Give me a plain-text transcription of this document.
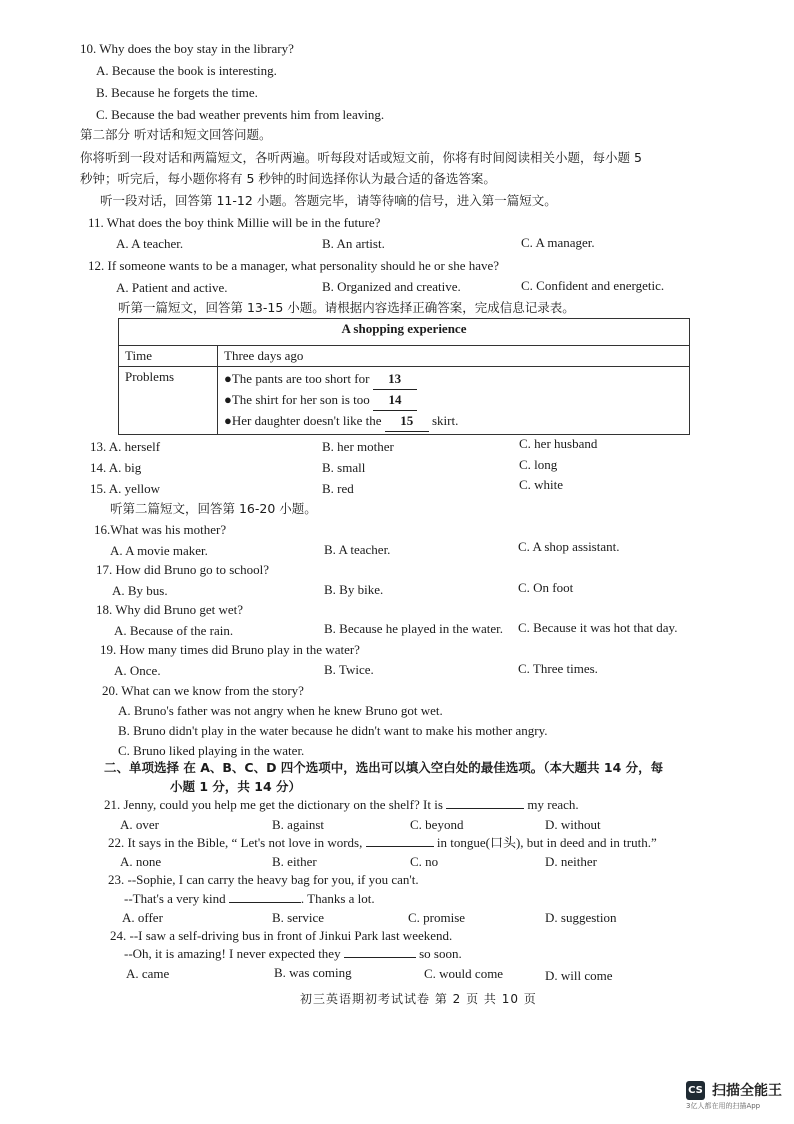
10. Why does the boy stay in the library?
A. Because the book is interesting.
B. Because he forgets the time.
C. Because the bad weather prevents him from leaving.
第二部分 听对话和短文回答问题。
你将听到一段对话和两篇短文，各听两遍。听每段对话或短文前，你将有时间阅读相关小题，每小题 5
秒钟；听完后，每小题你将有 5 秒钟的时间选择你认为最合适的备选答案。
听一段对话，回答第 11-12 小题。答题完毕，请等待嘀的信号，进入第一篇短文。
11. What does the boy think Millie will be in the future?
A. A teacher.	B. An artist.	C. A manager.
12. If someone wants to be a manager, what personality should he or she have?
A. Patient and active.	B. Organized and creative.	C. Confident and energetic.
听第一篇短文，回答第 13-15 小题。请根据内容选择正确答案，完成信息记录表。
A shopping experience	
Time	Three days ago
Problems	●The pants are too short for 13
●The shirt for her son is too 14
●Her daughter doesn't like the 15 skirt.
13. A. herself	B. her mother	C. her husband
14. A. big	B. small	C. long
15. A. yellow	B. red	C. white
听第二篇短文，回答第 16-20 小题。
16.What was his mother?
A. A movie maker.	B. A teacher.	C. A shop assistant.
17. How did Bruno go to school?
A. By bus.	B. By bike.	C. On foot
18. Why did Bruno get wet?
A. Because of the rain.	B. Because he played in the water. C. Because it was hot that day.
19. How many times did Bruno play in the water?
A. Once.	B. Twice.	C. Three times.
20. What can we know from the story?
A. Bruno's father was not angry when he knew Bruno got wet.
B. Bruno didn't play in the water because he didn't want to make his mother angry.
C. Bruno liked playing in the water.
二、单项选择 在 A、B、C、D 四个选项中，选出可以填入空白处的最佳选项。（本大题共 14 分，每
小题 1 分，共 14 分）
21. Jenny, could you help me get the dictionary on the shelf? It is	my reach.
A. over	B. against	C. beyond	D. without
22. It says in the Bible, “ Let's not love in words,	in tongue(口头), but in deed and in truth.”
A. none	B. either	C. no	D. neither
23. --Sophie, I can carry the heavy bag for you, if you can't.
--That's a very kind	. Thanks a lot.
A. offer	B. service	C. promise	D. suggestion
24. --I saw a self-driving bus in front of Jinkui Park last weekend.
--Oh, it is amazing! I never expected they	so soon.
A. came	B. was coming	C. would come	D. will come
初三英语期初考试试卷 第 2 页 共 10 页
CS 扫描全能王
3亿人都在用的扫描App
